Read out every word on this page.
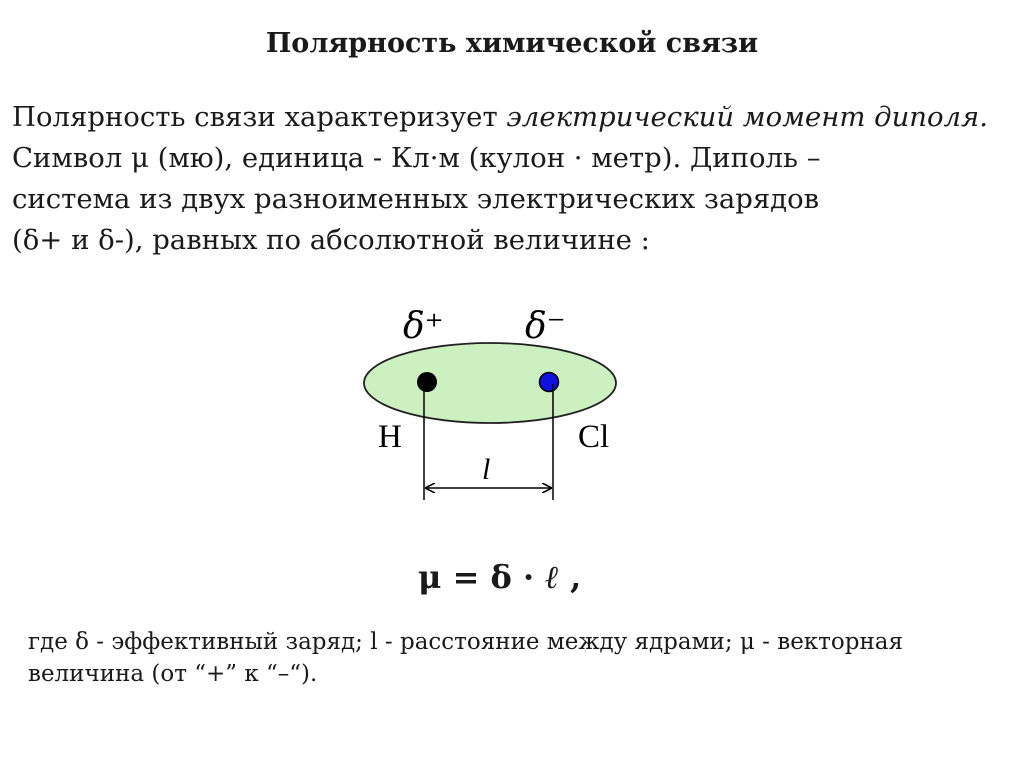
Полярность химической связи
Полярность связи характеризует электрический момент диполя.
Символ μ (мю), единица - Кл·м (кулон · метр). Диполь –
система из двух разноименных электрических зарядов
(δ+ и δ-), равных по абсолютной величине :
δ⁺ δ⁻
H	Cl
l
μ = δ · ℓ ,
где δ - эффективный заряд; l - расстояние между ядрами; μ - векторная
величина (от “+” к “–“).
